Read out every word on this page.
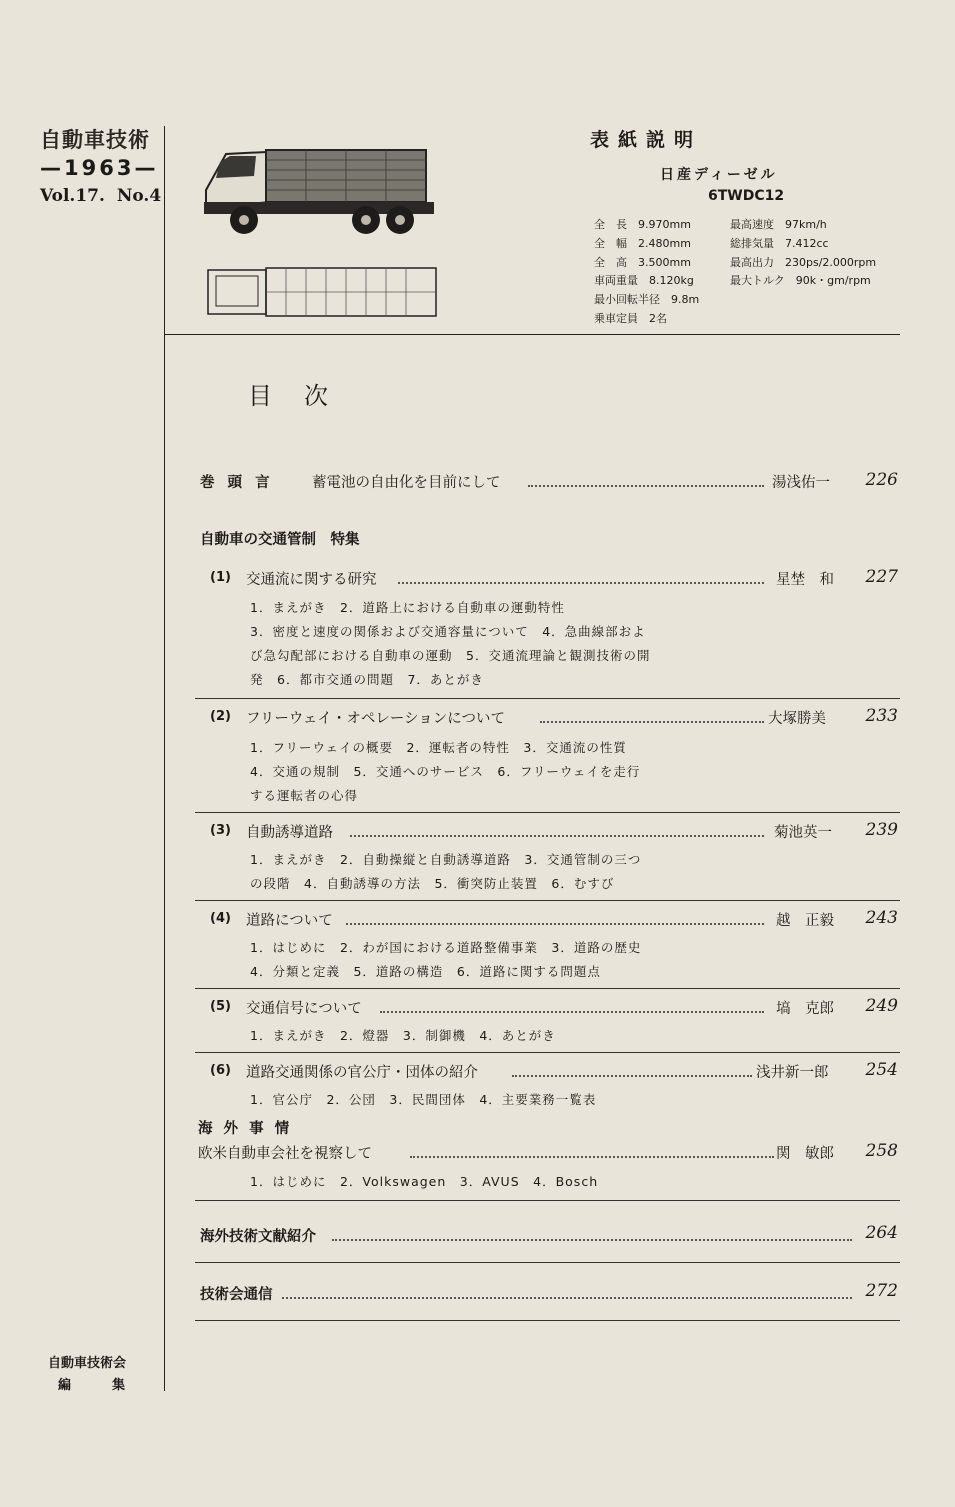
自動車技術
—1963—
Vol.17. No.4
表紙説明
日産ディーゼル
6TWDC12
全　長　 9.970mm
全　幅　 2.480mm
全　高　 3.500mm
車両重量　 8.120kg
最小回転半径　 9.8m
乗車定員　 2名
最高速度　 97km/h
総排気量　 7.412cc
最高出力　 230ps/2.000rpm
最大トルク　 90k・gm/rpm
目次
巻 頭 言	蓄電池の自由化を目前にして	湯浅佑一	226
自動車の交通管制　特集
(1) 交通流に関する研究	星埜　和	227
1．まえがき　2．道路上における自動車の運動特性
3．密度と速度の関係および交通容量について　4．急曲線部およ
び急勾配部における自動車の運動　5．交通流理論と観測技術の開
発　6．都市交通の問題　7．あとがき
(2) フリーウェイ・オペレーションについて	大塚勝美	233
1．フリーウェイの概要　2．運転者の特性　3．交通流の性質
4．交通の規制　5．交通へのサービス　6．フリーウェイを走行
する運転者の心得
(3) 自動誘導道路	菊池英一	239
1．まえがき　2．自動操縦と自動誘導道路　3．交通管制の三つ
の段階　4．自動誘導の方法　5．衝突防止装置　6．むすび
(4) 道路について	越　正毅	243
1．はじめに　2．わが国における道路整備事業　3．道路の歴史
4．分類と定義　5．道路の構造　6．道路に関する問題点
(5) 交通信号について	塙　克郎	249
1．まえがき　2．燈器　3．制御機　4．あとがき
(6) 道路交通関係の官公庁・団体の紹介	浅井新一郎	254
1．官公庁　2．公団　3．民間団体　4．主要業務一覧表
海 外 事 情
欧米自動車会社を視察して	関　敏郎	258
1．はじめに　2．Volkswagen　3．AVUS　4．Bosch
海外技術文献紹介	264
技術会通信	272
自動車技術会
編　集
